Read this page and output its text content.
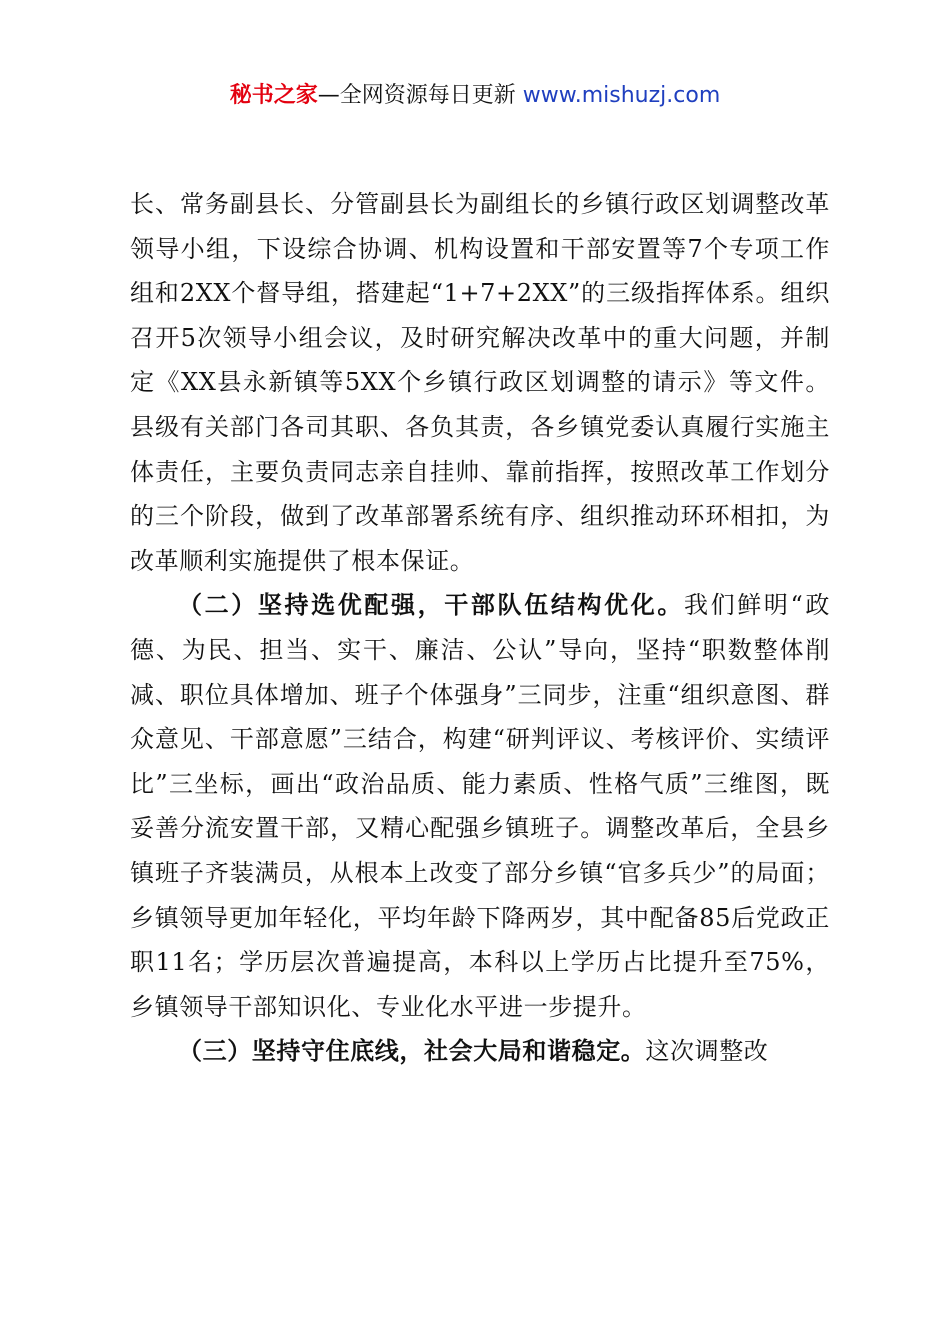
秘书之家—全网资源每日更新 www.mishuzj.com

长、常务副县长、分管副县长为副组长的乡镇行政区划调整改革领导小组，下设综合协调、机构设置和干部安置等7个专项工作组和2XX个督导组，搭建起“1+7+2XX”的三级指挥体系。组织召开5次领导小组会议，及时研究解决改革中的重大问题，并制定《XX县永新镇等5XX个乡镇行政区划调整的请示》等文件。县级有关部门各司其职、各负其责，各乡镇党委认真履行实施主体责任，主要负责同志亲自挂帅、靠前指挥，按照改革工作划分的三个阶段，做到了改革部署系统有序、组织推动环环相扣，为改革顺利实施提供了根本保证。

（二）坚持选优配强，干部队伍结构优化。我们鲜明“政德、为民、担当、实干、廉洁、公认”导向，坚持“职数整体削减、职位具体增加、班子个体强身”三同步，注重“组织意图、群众意见、干部意愿”三结合，构建“研判评议、考核评价、实绩评比”三坐标，画出“政治品质、能力素质、性格气质”三维图，既妥善分流安置干部，又精心配强乡镇班子。调整改革后，全县乡镇班子齐装满员，从根本上改变了部分乡镇“官多兵少”的局面；乡镇领导更加年轻化，平均年龄下降两岁，其中配备85后党政正职11名；学历层次普遍提高，本科以上学历占比提升至75%，乡镇领导干部知识化、专业化水平进一步提升。

（三）坚持守住底线，社会大局和谐稳定。这次调整改
